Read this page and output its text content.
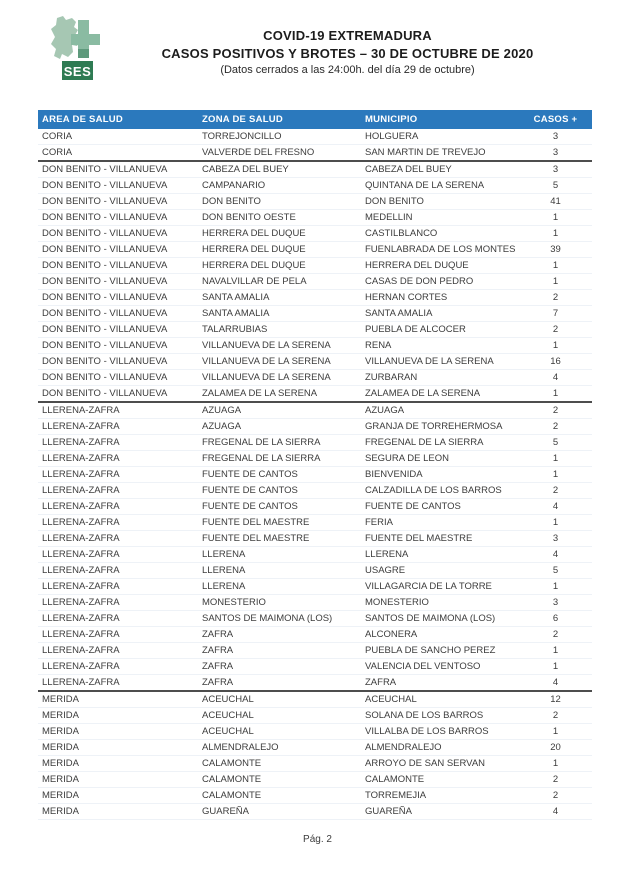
SES
COVID-19 EXTREMADURA
CASOS POSITIVOS Y BROTES – 30 DE OCTUBRE DE 2020
(Datos cerrados a las 24:00h. del día 29 de octubre)
AREA DE SALUD	ZONA DE SALUD	MUNICIPIO	CASOS +
CORIA	TORREJONCILLO	HOLGUERA	3
CORIA	VALVERDE DEL FRESNO	SAN MARTIN DE TREVEJO	3
DON BENITO - VILLANUEVA	CABEZA DEL BUEY	CABEZA DEL BUEY	3
DON BENITO - VILLANUEVA	CAMPANARIO	QUINTANA DE LA SERENA	5
DON BENITO - VILLANUEVA	DON BENITO	DON BENITO	41
DON BENITO - VILLANUEVA	DON BENITO OESTE	MEDELLIN	1
DON BENITO - VILLANUEVA	HERRERA DEL DUQUE	CASTILBLANCO	1
DON BENITO - VILLANUEVA	HERRERA DEL DUQUE	FUENLABRADA DE LOS MONTES	39
DON BENITO - VILLANUEVA	HERRERA DEL DUQUE	HERRERA DEL DUQUE	1
DON BENITO - VILLANUEVA	NAVALVILLAR DE PELA	CASAS DE DON PEDRO	1
DON BENITO - VILLANUEVA	SANTA AMALIA	HERNAN CORTES	2
DON BENITO - VILLANUEVA	SANTA AMALIA	SANTA AMALIA	7
DON BENITO - VILLANUEVA	TALARRUBIAS	PUEBLA DE ALCOCER	2
DON BENITO - VILLANUEVA	VILLANUEVA DE LA SERENA	RENA	1
DON BENITO - VILLANUEVA	VILLANUEVA DE LA SERENA	VILLANUEVA DE LA SERENA	16
DON BENITO - VILLANUEVA	VILLANUEVA DE LA SERENA	ZURBARAN	4
DON BENITO - VILLANUEVA	ZALAMEA DE LA SERENA	ZALAMEA DE LA SERENA	1
LLERENA-ZAFRA	AZUAGA	AZUAGA	2
LLERENA-ZAFRA	AZUAGA	GRANJA DE TORREHERMOSA	2
LLERENA-ZAFRA	FREGENAL DE LA SIERRA	FREGENAL DE LA SIERRA	5
LLERENA-ZAFRA	FREGENAL DE LA SIERRA	SEGURA DE LEON	1
LLERENA-ZAFRA	FUENTE DE CANTOS	BIENVENIDA	1
LLERENA-ZAFRA	FUENTE DE CANTOS	CALZADILLA DE LOS BARROS	2
LLERENA-ZAFRA	FUENTE DE CANTOS	FUENTE DE CANTOS	4
LLERENA-ZAFRA	FUENTE DEL MAESTRE	FERIA	1
LLERENA-ZAFRA	FUENTE DEL MAESTRE	FUENTE DEL MAESTRE	3
LLERENA-ZAFRA	LLERENA	LLERENA	4
LLERENA-ZAFRA	LLERENA	USAGRE	5
LLERENA-ZAFRA	LLERENA	VILLAGARCIA DE LA TORRE	1
LLERENA-ZAFRA	MONESTERIO	MONESTERIO	3
LLERENA-ZAFRA	SANTOS DE MAIMONA (LOS)	SANTOS DE MAIMONA (LOS)	6
LLERENA-ZAFRA	ZAFRA	ALCONERA	2
LLERENA-ZAFRA	ZAFRA	PUEBLA DE SANCHO PEREZ	1
LLERENA-ZAFRA	ZAFRA	VALENCIA DEL VENTOSO	1
LLERENA-ZAFRA	ZAFRA	ZAFRA	4
MERIDA	ACEUCHAL	ACEUCHAL	12
MERIDA	ACEUCHAL	SOLANA DE LOS BARROS	2
MERIDA	ACEUCHAL	VILLALBA DE LOS BARROS	1
MERIDA	ALMENDRALEJO	ALMENDRALEJO	20
MERIDA	CALAMONTE	ARROYO DE SAN SERVAN	1
MERIDA	CALAMONTE	CALAMONTE	2
MERIDA	CALAMONTE	TORREMEJIA	2
MERIDA	GUAREÑA	GUAREÑA	4
Pág. 2
